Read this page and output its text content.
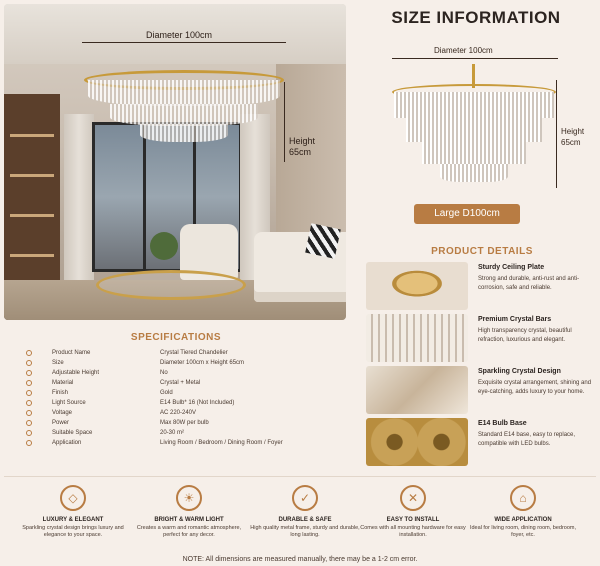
Diameter 100cm
Height 65cm
SIZE INFORMATION
Diameter 100cm
Height 65cm
Large D100cm
PRODUCT DETAILS
Sturdy Ceiling Plate
Strong and durable, anti-rust and anti-corrosion, safe and reliable.
Premium Crystal Bars
High transparency crystal, beautiful refraction, luxurious and elegant.
Sparkling Crystal Design
Exquisite crystal arrangement, shining and eye-catching, adds luxury to your home.
E14 Bulb Base
Standard E14 base, easy to replace, compatible with LED bulbs.
SPECIFICATIONS
Product Name	Crystal Tiered Chandelier
Size	Diameter 100cm x Height 65cm
Adjustable Height	No
Material	Crystal + Metal
Finish	Gold
Light Source	E14 Bulb* 16 (Not Included)
Voltage	AC 220-240V
Power	Max 80W per bulb
Suitable Space	20-30 m²
Application	Living Room / Bedroom / Dining Room / Foyer
◇
LUXURY & ELEGANT
Sparkling crystal design brings luxury and elegance to your space.
☀
BRIGHT & WARM LIGHT
Creates a warm and romantic atmosphere, perfect for any decor.
✓
DURABLE & SAFE
High quality metal frame, sturdy and durable, long lasting.
✕
EASY TO INSTALL
Comes with all mounting hardware for easy installation.
⌂
WIDE APPLICATION
Ideal for living room, dining room, bedroom, foyer, etc.
NOTE: All dimensions are measured manually, there may be a 1-2 cm error.
